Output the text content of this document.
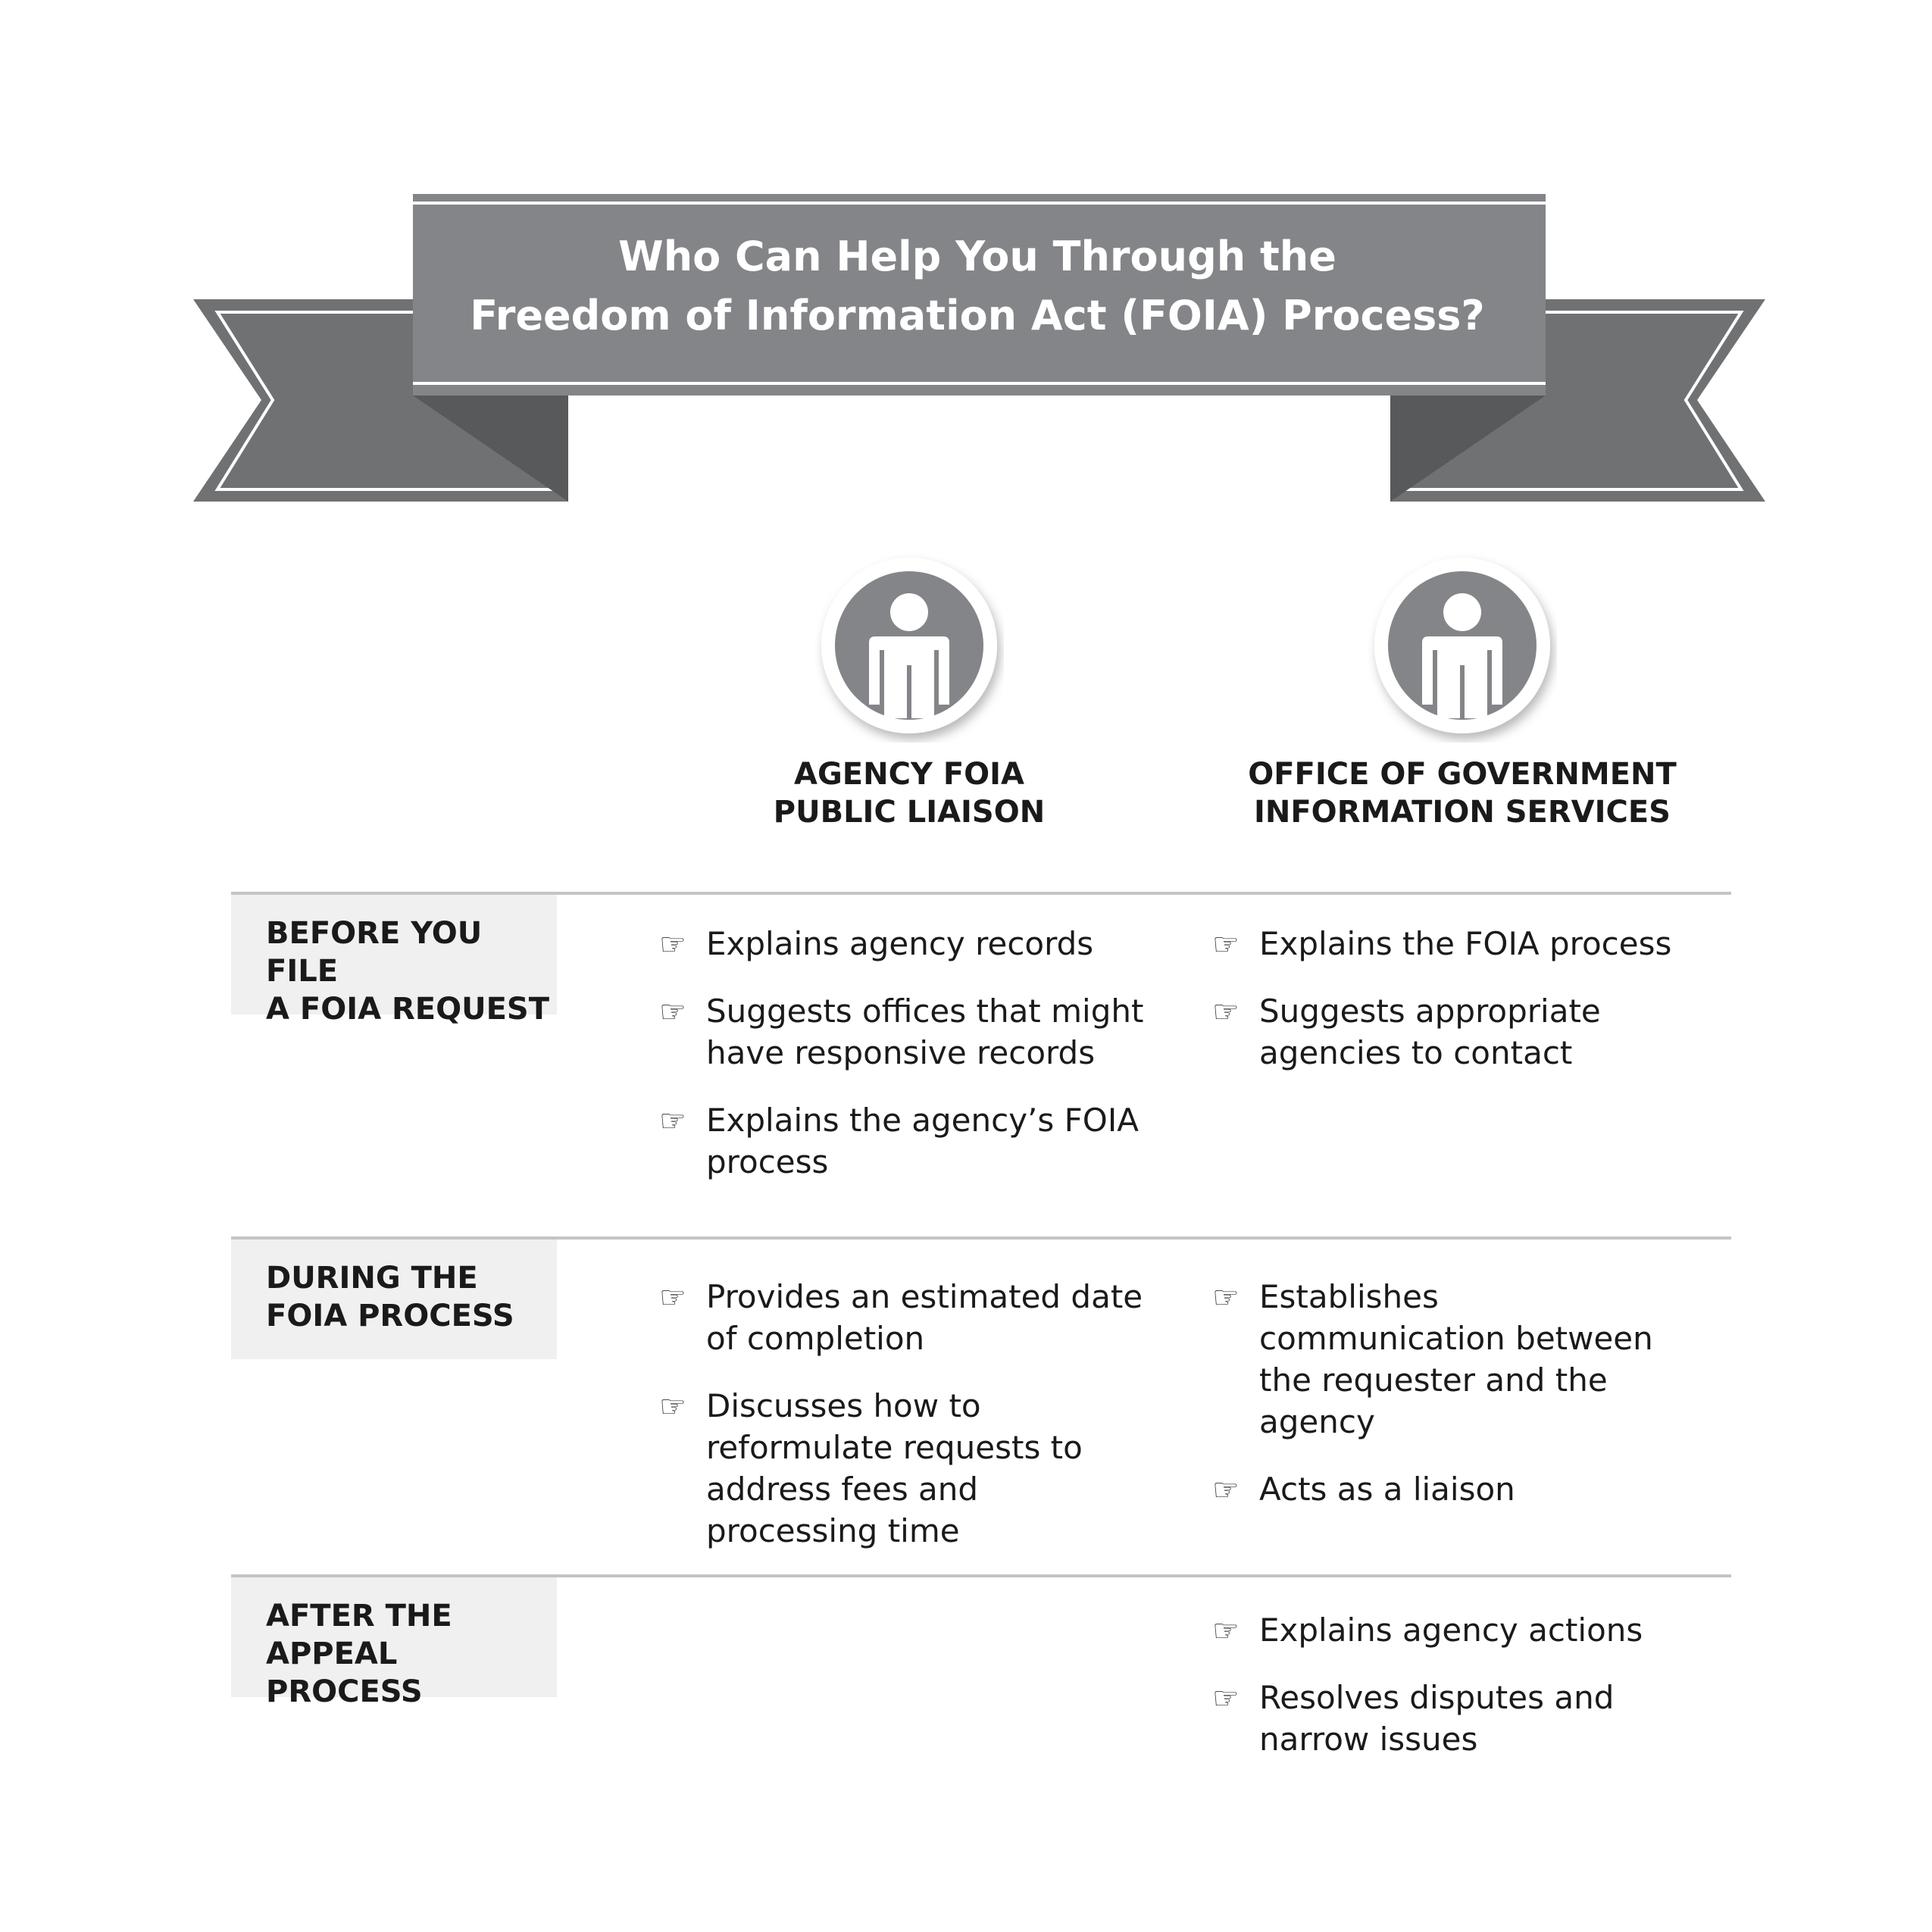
Who Can Help You Through the
Freedom of Information Act (FOIA) Process?
AGENCY FOIA
PUBLIC LIAISON
OFFICE OF GOVERNMENT
INFORMATION SERVICES
BEFORE YOU FILE
A FOIA REQUEST
☞ Explains agency records
☞ Suggests offices that might have responsive records
☞ Explains the agency’s FOIA process
☞ Explains the FOIA process
☞ Suggests appropriate agencies to contact
DURING THE
FOIA PROCESS
☞ Provides an estimated date of completion
☞ Discusses how to reformulate requests to address fees and processing time
☞ Establishes communication between the requester and the agency
☞ Acts as a liaison
AFTER THE
APPEAL PROCESS
☞ Explains agency actions
☞ Resolves disputes and narrow issues
